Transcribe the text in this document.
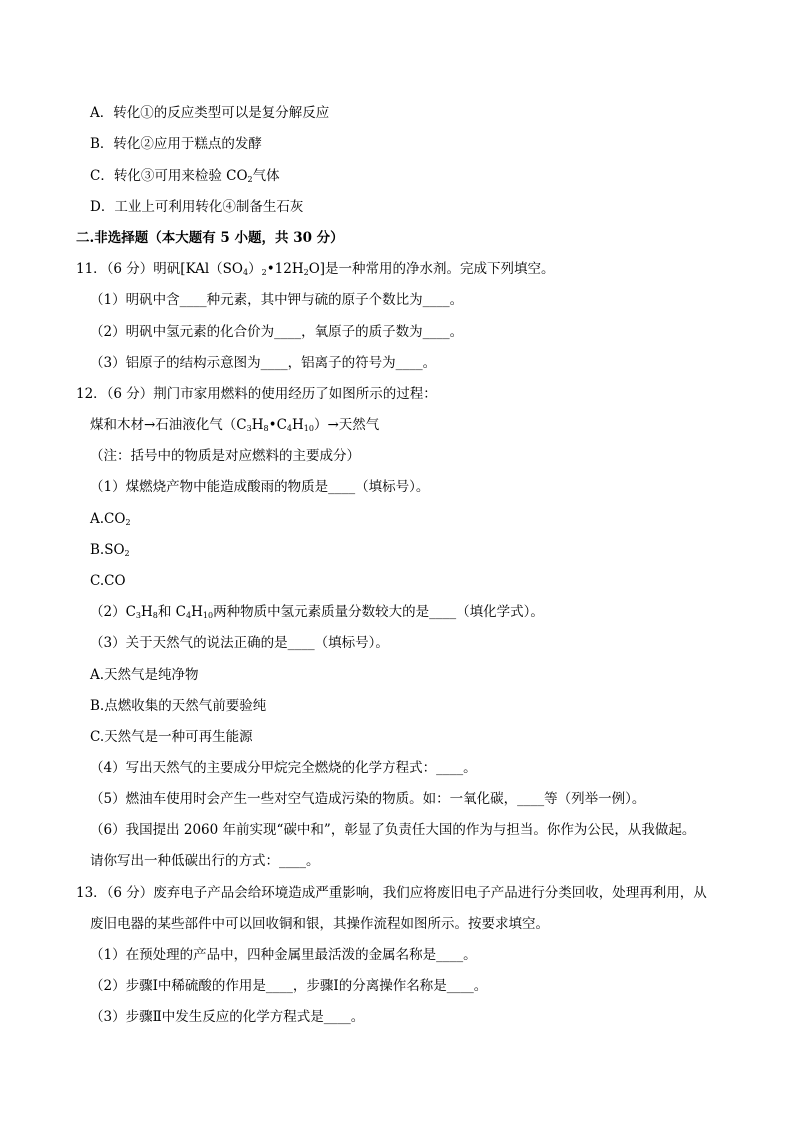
A．转化①的反应类型可以是复分解反应
B．转化②应用于糕点的发酵
C．转化③可用来检验 $CO_2$气体
D．工业上可利用转化④制备生石灰
二.非选择题（本大题有 5 小题，共 30 分）
11．（6 分）明矾$[KAl(SO_4)_2•12H_2O]$是一种常用的净水剂。完成下列填空。
（1）明矾中含____种元素，其中钾与硫的原子个数比为____。
（2）明矾中氢元素的化合价为____，氧原子的质子数为____。
（3）铝原子的结构示意图为____，铝离子的符号为____。
12．（6 分）荆门市家用燃料的使用经历了如图所示的过程：
煤和木材→石油液化气$(C_3H_8•C_4H_{10})\to$天然气
（注：括号中的物质是对应燃料的主要成分）
（1）煤燃烧产物中能造成酸雨的物质是____（填标号）。
$A.CO_2$
$B.SO_2$
C.CO
$(2)C_3H_8$和 $C_4H_{10}$两种物质中氢元素质量分数较大的是____（填化学式）。
（3）关于天然气的说法正确的是____（填标号）。
A.天然气是纯净物
B.点燃收集的天然气前要验纯
C.天然气是一种可再生能源
（4）写出天然气的主要成分甲烷完全燃烧的化学方程式：____。
（5）燃油车使用时会产生一些对空气造成污染的物质。如：一氧化碳，____等（列举一例）。
（6）我国提出 2060 年前实现“碳中和”，彰显了负责任大国的作为与担当。你作为公民，从我做起。
请你写出一种低碳出行的方式：____。
13．（6 分）废弃电子产品会给环境造成严重影响，我们应将废旧电子产品进行分类回收，处理再利用，从
废旧电器的某些部件中可以回收铜和银，其操作流程如图所示。按要求填空。
（1）在预处理的产品中，四种金属里最活泼的金属名称是____。
（2）步骤Ⅰ中稀硫酸的作用是____，步骤Ⅰ的分离操作名称是____。
（3）步骤Ⅱ中发生反应的化学方程式是____。
